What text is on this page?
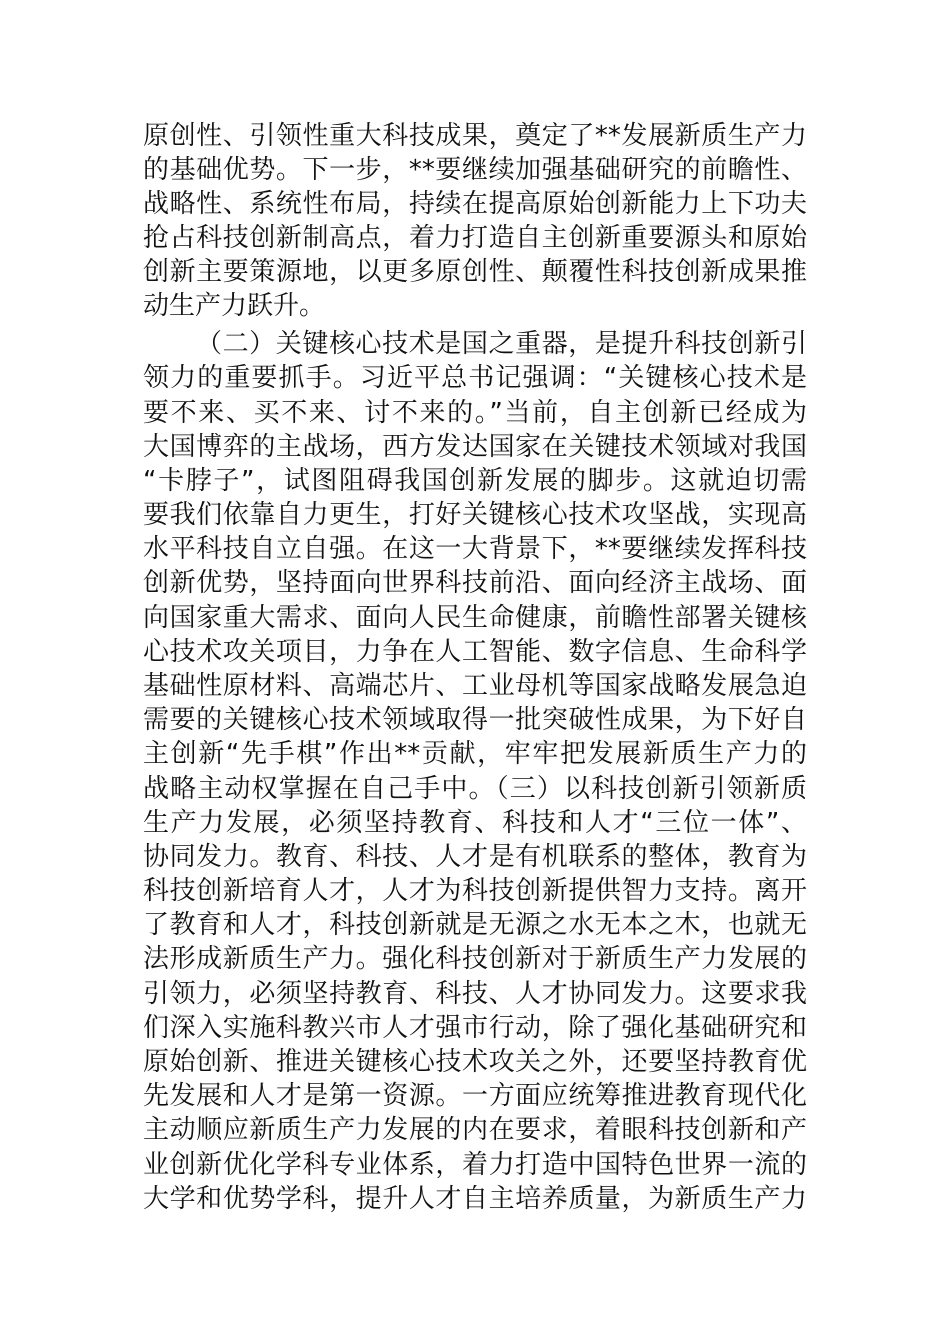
原创性、引领性重大科技成果，奠定了**发展新质生产力
的基础优势。下一步，**要继续加强基础研究的前瞻性、
战略性、系统性布局，持续在提高原始创新能力上下功夫
抢占科技创新制高点，着力打造自主创新重要源头和原始
创新主要策源地，以更多原创性、颠覆性科技创新成果推
动生产力跃升。
（二）关键核心技术是国之重器，是提升科技创新引
领力的重要抓手。习近平总书记强调：“关键核心技术是
要不来、买不来、讨不来的。”当前，自主创新已经成为
大国博弈的主战场，西方发达国家在关键技术领域对我国
“卡脖子”，试图阻碍我国创新发展的脚步。这就迫切需
要我们依靠自力更生，打好关键核心技术攻坚战，实现高
水平科技自立自强。在这一大背景下，**要继续发挥科技
创新优势，坚持面向世界科技前沿、面向经济主战场、面
向国家重大需求、面向人民生命健康，前瞻性部署关键核
心技术攻关项目，力争在人工智能、数字信息、生命科学
基础性原材料、高端芯片、工业母机等国家战略发展急迫
需要的关键核心技术领域取得一批突破性成果，为下好自
主创新“先手棋”作出**贡献，牢牢把发展新质生产力的
战略主动权掌握在自己手中。（三）以科技创新引领新质
生产力发展，必须坚持教育、科技和人才“三位一体”、
协同发力。教育、科技、人才是有机联系的整体，教育为
科技创新培育人才，人才为科技创新提供智力支持。离开
了教育和人才，科技创新就是无源之水无本之木，也就无
法形成新质生产力。强化科技创新对于新质生产力发展的
引领力，必须坚持教育、科技、人才协同发力。这要求我
们深入实施科教兴市人才强市行动，除了强化基础研究和
原始创新、推进关键核心技术攻关之外，还要坚持教育优
先发展和人才是第一资源。一方面应统筹推进教育现代化
主动顺应新质生产力发展的内在要求，着眼科技创新和产
业创新优化学科专业体系，着力打造中国特色世界一流的
大学和优势学科，提升人才自主培养质量，为新质生产力
